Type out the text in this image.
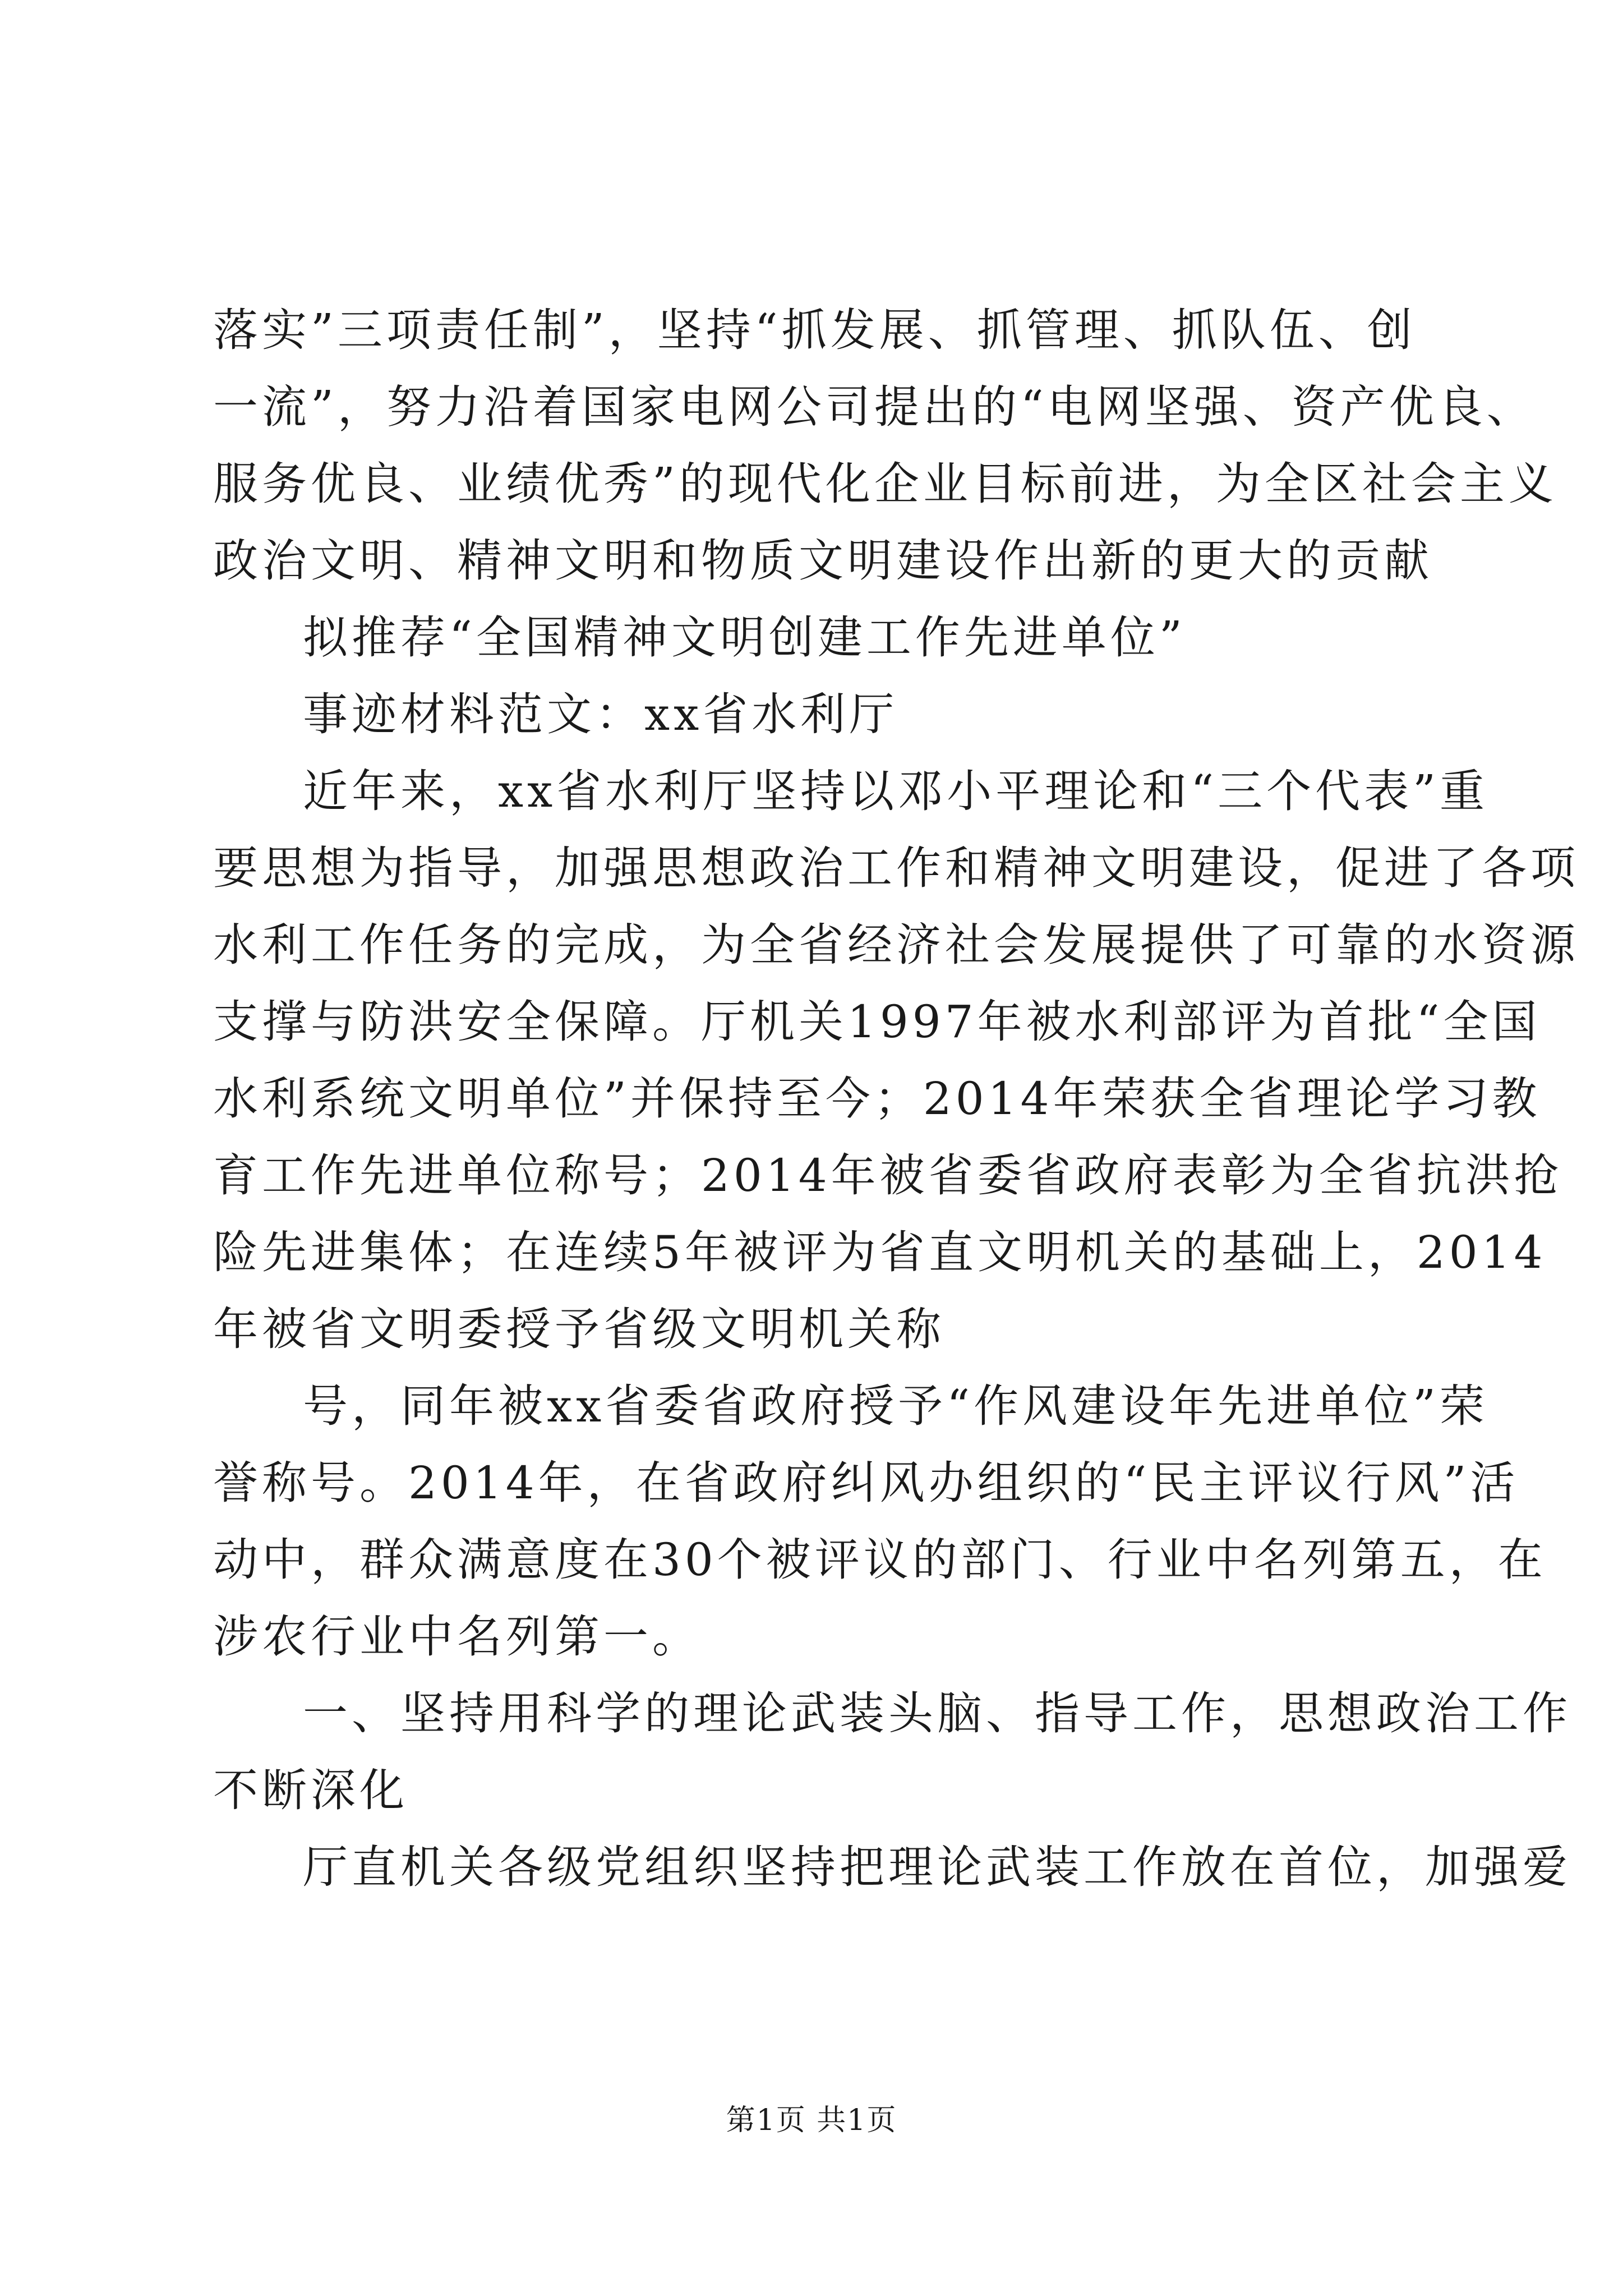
落实”三项责任制”，坚持“抓发展、抓管理、抓队伍、创
一流”，努力沿着国家电网公司提出的“电网坚强、资产优良、
服务优良、业绩优秀”的现代化企业目标前进，为全区社会主义
政治文明、精神文明和物质文明建设作出新的更大的贡献
拟推荐“全国精神文明创建工作先进单位”
事迹材料范文：xx省水利厅
近年来，xx省水利厅坚持以邓小平理论和“三个代表”重
要思想为指导，加强思想政治工作和精神文明建设，促进了各项
水利工作任务的完成，为全省经济社会发展提供了可靠的水资源
支撑与防洪安全保障。厅机关1997年被水利部评为首批“全国
水利系统文明单位”并保持至今；2014年荣获全省理论学习教
育工作先进单位称号；2014年被省委省政府表彰为全省抗洪抢
险先进集体；在连续5年被评为省直文明机关的基础上，2014
年被省文明委授予省级文明机关称
号，同年被xx省委省政府授予“作风建设年先进单位”荣
誉称号。2014年，在省政府纠风办组织的“民主评议行风”活
动中，群众满意度在30个被评议的部门、行业中名列第五，在
涉农行业中名列第一。
一、坚持用科学的理论武装头脑、指导工作，思想政治工作
不断深化
厅直机关各级党组织坚持把理论武装工作放在首位，加强爱
第1页 共1页
